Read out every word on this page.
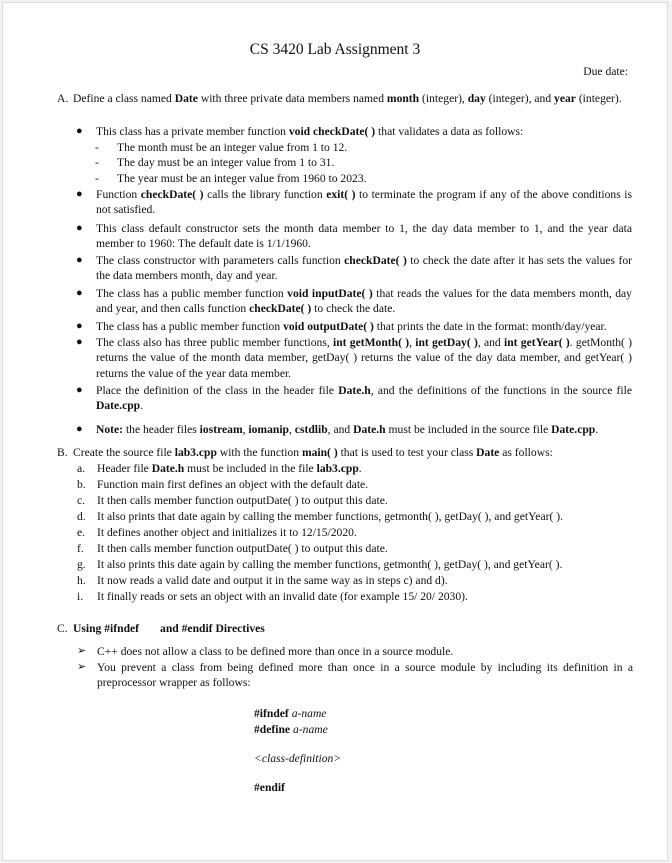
CS 3420 Lab Assignment 3
Due date:
A. Define a class named Date with three private data members named month (integer), day (integer), and year (integer).
● This class has a private member function void checkDate( ) that validates a data as follows:
- The month must be an integer value from 1 to 12.
- The day must be an integer value from 1 to 31.
- The year must be an integer value from 1960 to 2023.
● Function checkDate( ) calls the library function exit( ) to terminate the program if any of the above conditions is not satisfied.
● This class default constructor sets the month data member to 1, the day data member to 1, and the year data member to 1960: The default date is 1/1/1960.
● The class constructor with parameters calls function checkDate( ) to check the date after it has sets the values for the data members month, day and year.
● The class has a public member function void inputDate( ) that reads the values for the data members month, day and year, and then calls function checkDate( ) to check the date.
● The class has a public member function void outputDate( ) that prints the date in the format: month/day/year.
● The class also has three public member functions, int getMonth( ), int getDay( ), and int getYear( ). getMonth( ) returns the value of the month data member, getDay( ) returns the value of the day data member, and getYear( ) returns the value of the year data member.
● Place the definition of the class in the header file Date.h, and the definitions of the functions in the source file Date.cpp.
● Note: the header files iostream, iomanip, cstdlib, and Date.h must be included in the source file Date.cpp.
B. Create the source file lab3.cpp with the function main( ) that is used to test your class Date as follows:
a. Header file Date.h must be included in the file lab3.cpp.
b. Function main first defines an object with the default date.
c. It then calls member function outputDate( ) to output this date.
d. It also prints that date again by calling the member functions, getmonth( ), getDay( ), and getYear( ).
e. It defines another object and initializes it to 12/15/2020.
f. It then calls member function outputDate( ) to output this date.
g. It also prints this date again by calling the member functions, getmonth( ), getDay( ), and getYear( ).
h. It now reads a valid date and output it in the same way as in steps c) and d).
i. It finally reads or sets an object with an invalid date (for example 15/ 20/ 2030).
C. Using #ifndef and #endif Directives
➢ C++ does not allow a class to be defined more than once in a source module.
➢ You prevent a class from being defined more than once in a source module by including its definition in a preprocessor wrapper as follows:
#ifndef a-name
#define a-name
<class-definition>
#endif
